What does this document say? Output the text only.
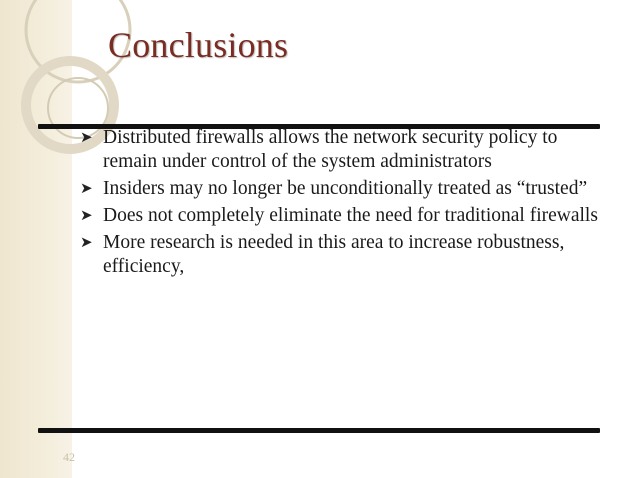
Conclusions
➤ Distributed firewalls allows the network security policy to remain under control of the system administrators
➤ Insiders may no longer be unconditionally treated as “trusted”
➤ Does not completely eliminate the need for traditional firewalls
➤ More research is needed in this area to increase robustness, efficiency,
42
